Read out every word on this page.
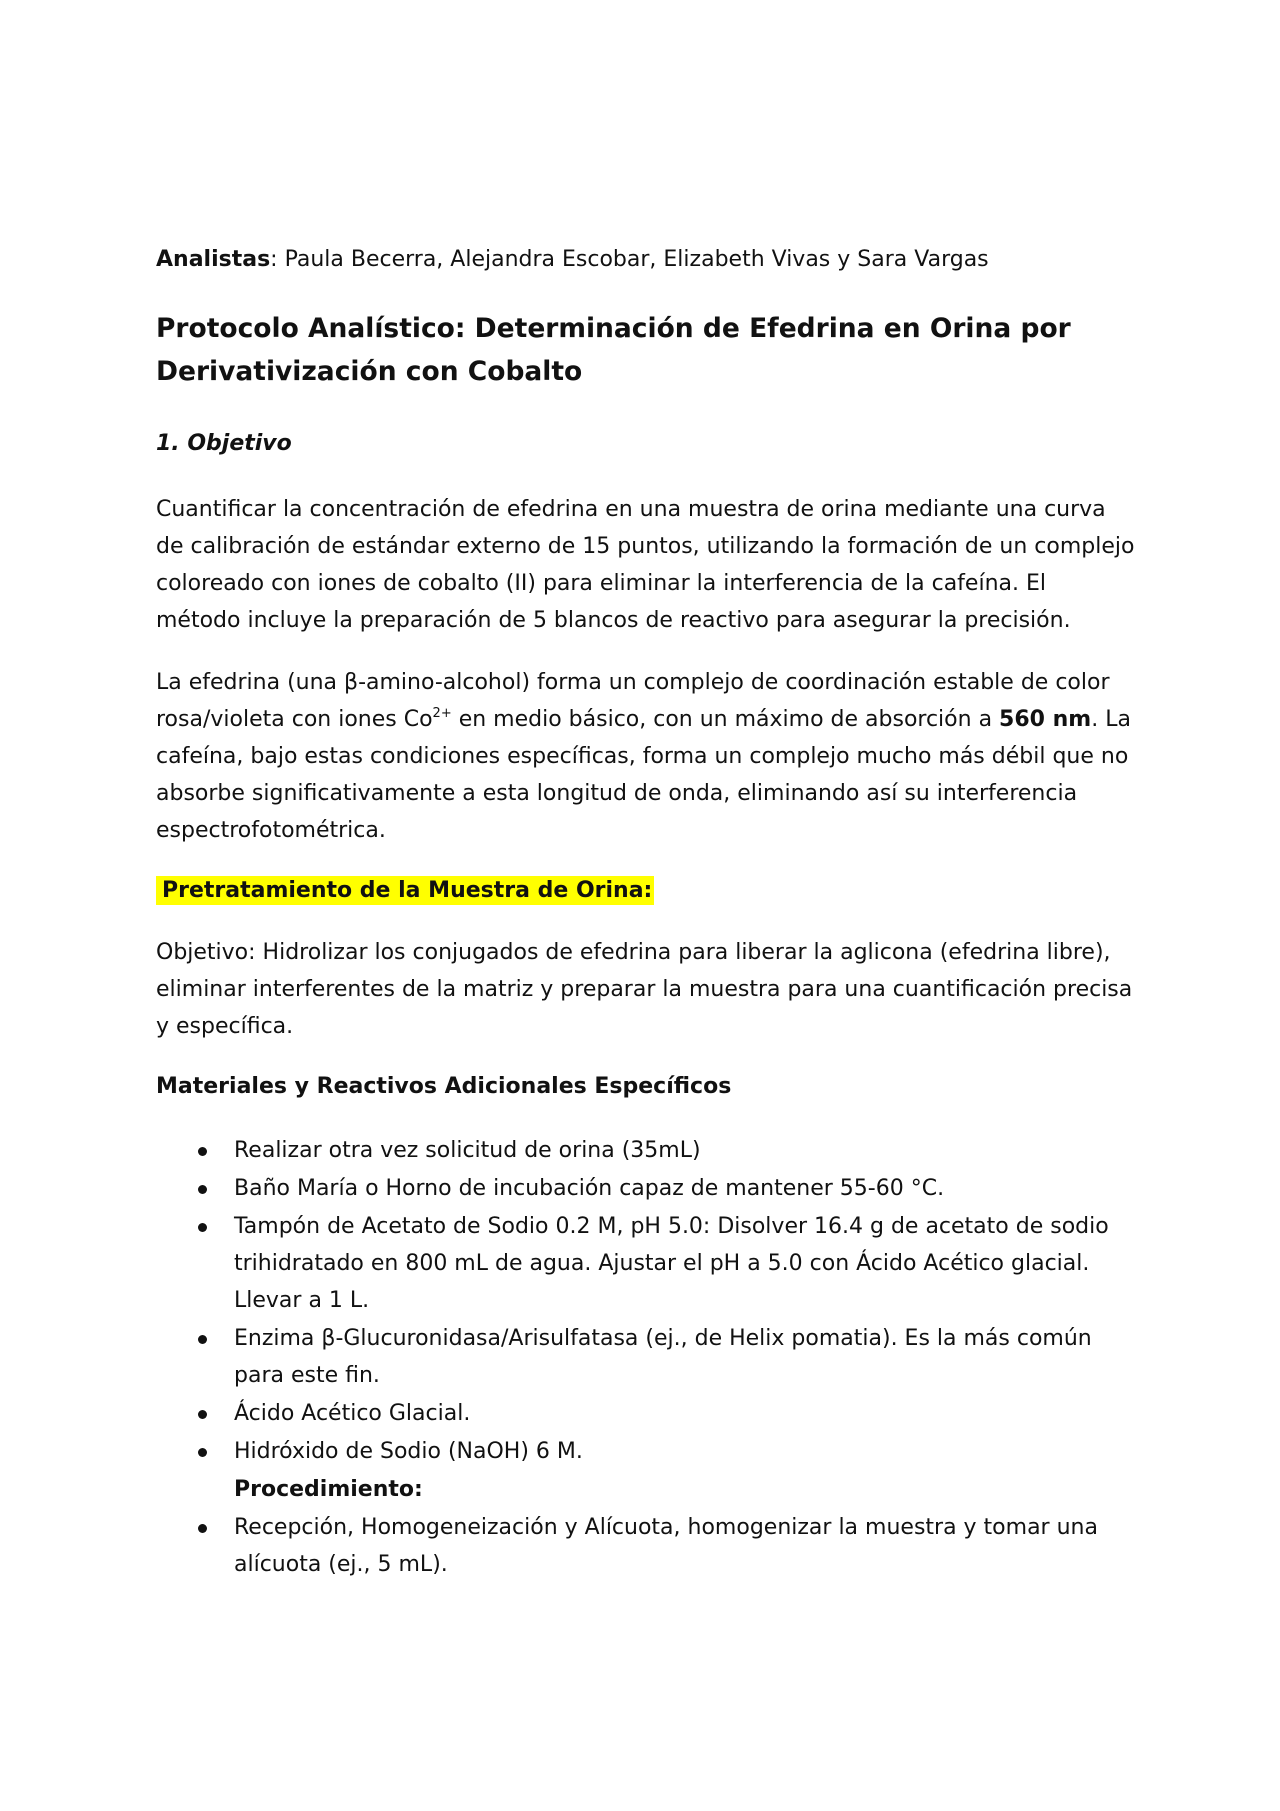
Analistas: Paula Becerra, Alejandra Escobar, Elizabeth Vivas y Sara Vargas
Protocolo Analístico: Determinación de Efedrina en Orina por Derivativización con Cobalto
1. Objetivo

Cuantificar la concentración de efedrina en una muestra de orina mediante una curva de calibración de estándar externo de 15 puntos, utilizando la formación de un complejo coloreado con iones de cobalto (II) para eliminar la interferencia de la cafeína. El método incluye la preparación de 5 blancos de reactivo para asegurar la precisión.

La efedrina (una β-amino-alcohol) forma un complejo de coordinación estable de color rosa/violeta con iones $Co^{2+}$ en medio básico, con un máximo de absorción a 560 nm. La cafeína, bajo estas condiciones específicas, forma un complejo mucho más débil que no absorbe significativamente a esta longitud de onda, eliminando así su interferencia espectrofotométrica.

Pretratamiento de la Muestra de Orina:

Objetivo: Hidrolizar los conjugados de efedrina para liberar la aglicona (efedrina libre), eliminar interferentes de la matriz y preparar la muestra para una cuantificación precisa y específica.

Materiales y Reactivos Adicionales Específicos
Realizar otra vez solicitud de orina (35mL)
Baño María o Horno de incubación capaz de mantener 55-60 °C.
Tampón de Acetato de Sodio 0.2 M, pH 5.0: Disolver 16.4 g de acetato de sodio trihidratado en 800 mL de agua. Ajustar el pH a 5.0 con Ácido Acético glacial. Llevar a 1 L.
Enzima β-Glucuronidasa/Arisulfatasa (ej., de Helix pomatia). Es la más común para este fin.
Ácido Acético Glacial.
Hidróxido de Sodio (NaOH) 6 M.
Procedimiento:
Recepción, Homogeneización y Alícuota, homogenizar la muestra y tomar una alícuota (ej., 5 mL).
